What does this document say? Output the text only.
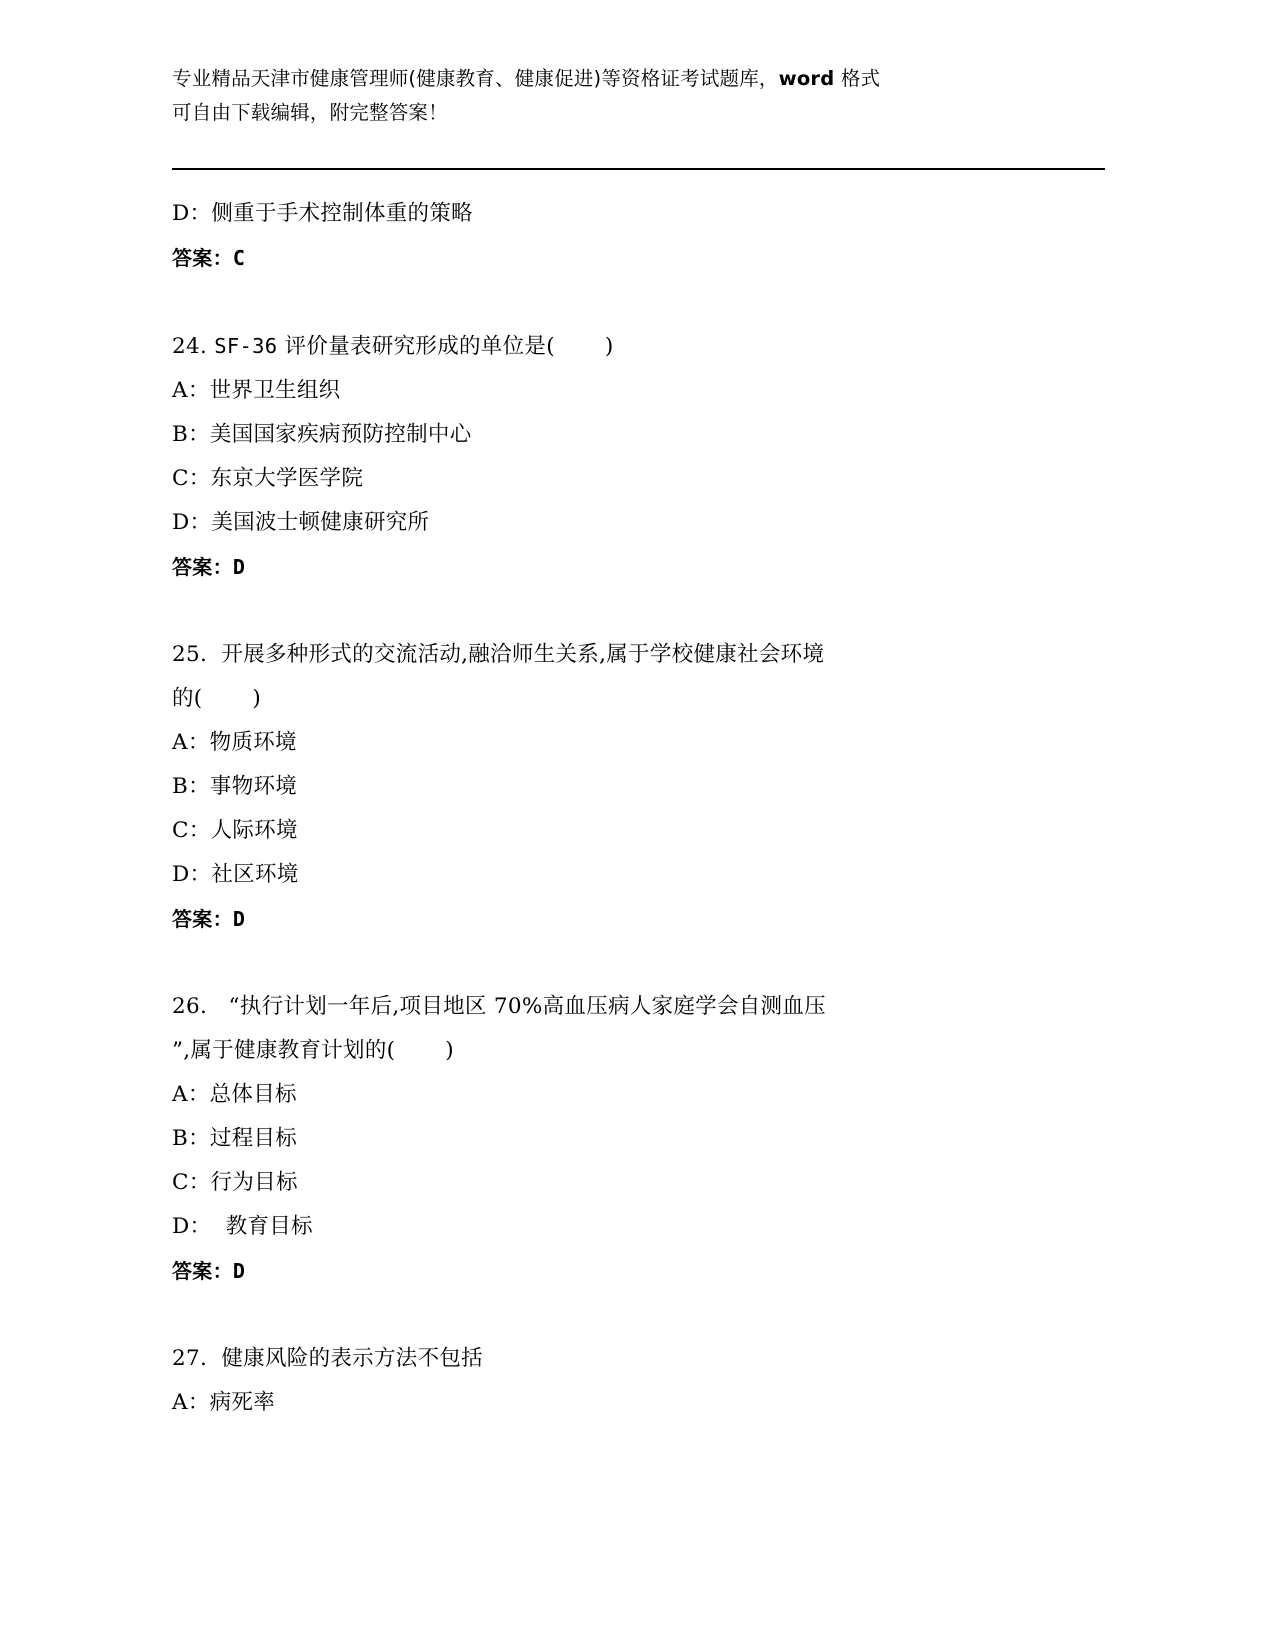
专业精品天津市健康管理师(健康教育、健康促进)等资格证考试题库，word 格式
可自由下载编辑，附完整答案！
D：侧重于手术控制体重的策略
答案：C
24. SF-36 评价量表研究形成的单位是(       )
A：世界卫生组织
B：美国国家疾病预防控制中心
C：东京大学医学院
D：美国波士顿健康研究所
答案：D
25. 开展多种形式的交流活动,融洽师生关系,属于学校健康社会环境
的(       )
A：物质环境
B：事物环境
C：人际环境
D：社区环境
答案：D
26. “执行计划一年后,项目地区 70%高血压病人家庭学会自测血压
”,属于健康教育计划的(       )
A：总体目标
B：过程目标
C：行为目标
D：  教育目标
答案：D
27. 健康风险的表示方法不包括
A：病死率
